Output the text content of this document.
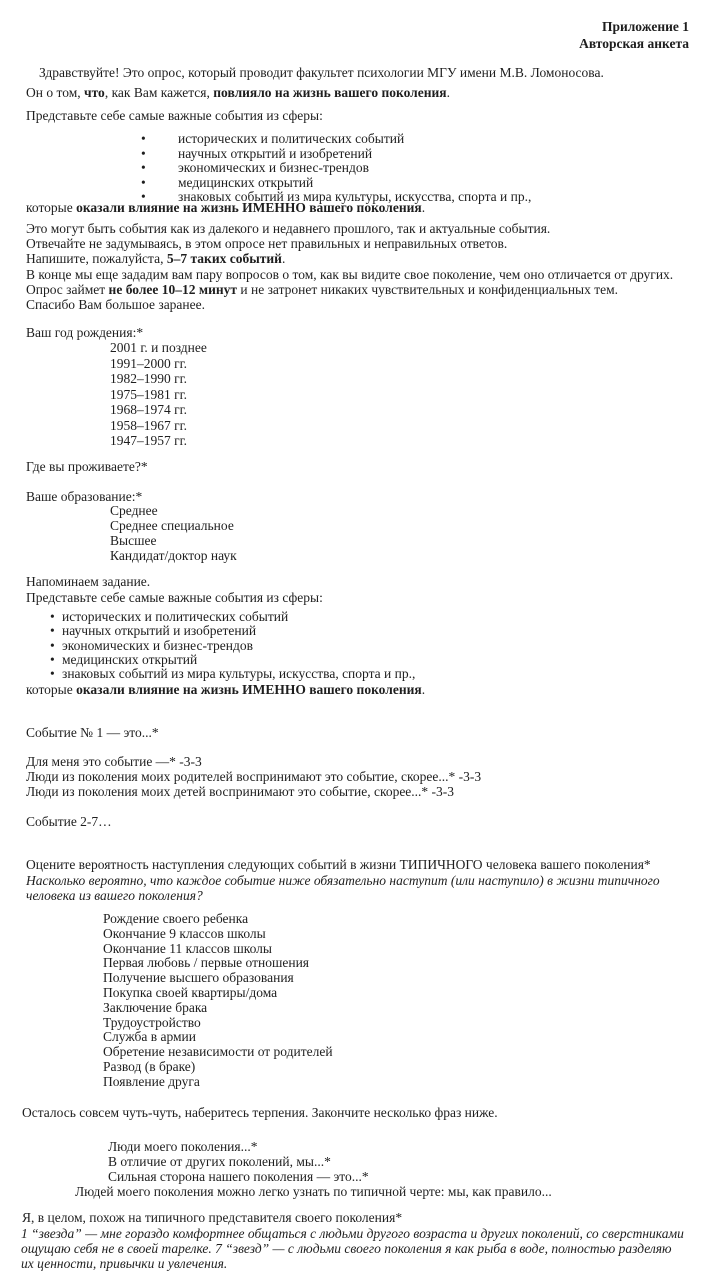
Приложение 1
Авторская анкета
Здравствуйте! Это опрос, который проводит факультет психологии МГУ имени М.В. Ломоносова.
Он о том, что, как Вам кажется, повлияло на жизнь вашего поколения.
Представьте себе самые важные события из сферы:
• исторических и политических событий
• научных открытий и изобретений
• экономических и бизнес-трендов
• медицинских открытий
• знаковых событий из мира культуры, искусства, спорта и пр.,
которые оказали влияние на жизнь ИМЕННО вашего поколения.
Это могут быть события как из далекого и недавнего прошлого, так и актуальные события.
Отвечайте не задумываясь, в этом опросе нет правильных и неправильных ответов.
Напишите, пожалуйста, 5–7 таких событий.
В конце мы еще зададим вам пару вопросов о том, как вы видите свое поколение, чем оно отличается от других.
Опрос займет не более 10–12 минут и не затронет никаких чувствительных и конфиденциальных тем.
Спасибо Вам большое заранее.
Ваш год рождения:*
2001 г. и позднее
1991–2000 гг.
1982–1990 гг.
1975–1981 гг.
1968–1974 гг.
1958–1967 гг.
1947–1957 гг.
Где вы проживаете?*
Ваше образование:*
Среднее
Среднее специальное
Высшее
Кандидат/доктор наук
Напоминаем задание.
Представьте себе самые важные события из сферы:
• исторических и политических событий
• научных открытий и изобретений
• экономических и бизнес-трендов
• медицинских открытий
• знаковых событий из мира культуры, искусства, спорта и пр.,
которые оказали влияние на жизнь ИМЕННО вашего поколения.
Событие № 1 — это...*
Для меня это событие —* -3-3
Люди из поколения моих родителей воспринимают это событие, скорее...* -3-3
Люди из поколения моих детей воспринимают это событие, скорее...* -3-3
Событие 2-7…
Оцените вероятность наступления следующих событий в жизни ТИПИЧНОГО человека вашего поколения*
Насколько вероятно, что каждое событие ниже обязательно наступит (или наступило) в жизни типичного
человека из вашего поколения?
Рождение своего ребенка
Окончание 9 классов школы
Окончание 11 классов школы
Первая любовь / первые отношения
Получение высшего образования
Покупка своей квартиры/дома
Заключение брака
Трудоустройство
Служба в армии
Обретение независимости от родителей
Развод (в браке)
Появление друга
Осталось совсем чуть-чуть, наберитесь терпения. Закончите несколько фраз ниже.
Люди моего поколения...*
В отличие от других поколений, мы...*
Сильная сторона нашего поколения — это...*
Людей моего поколения можно легко узнать по типичной черте: мы, как правило...
Я, в целом, похож на типичного представителя своего поколения*
1 “звезда” — мне гораздо комфортнее общаться с людьми другого возраста и других поколений, со сверстниками
ощущаю себя не в своей тарелке. 7 “звезд” — с людьми своего поколения я как рыба в воде, полностью разделяю
их ценности, привычки и увлечения.
